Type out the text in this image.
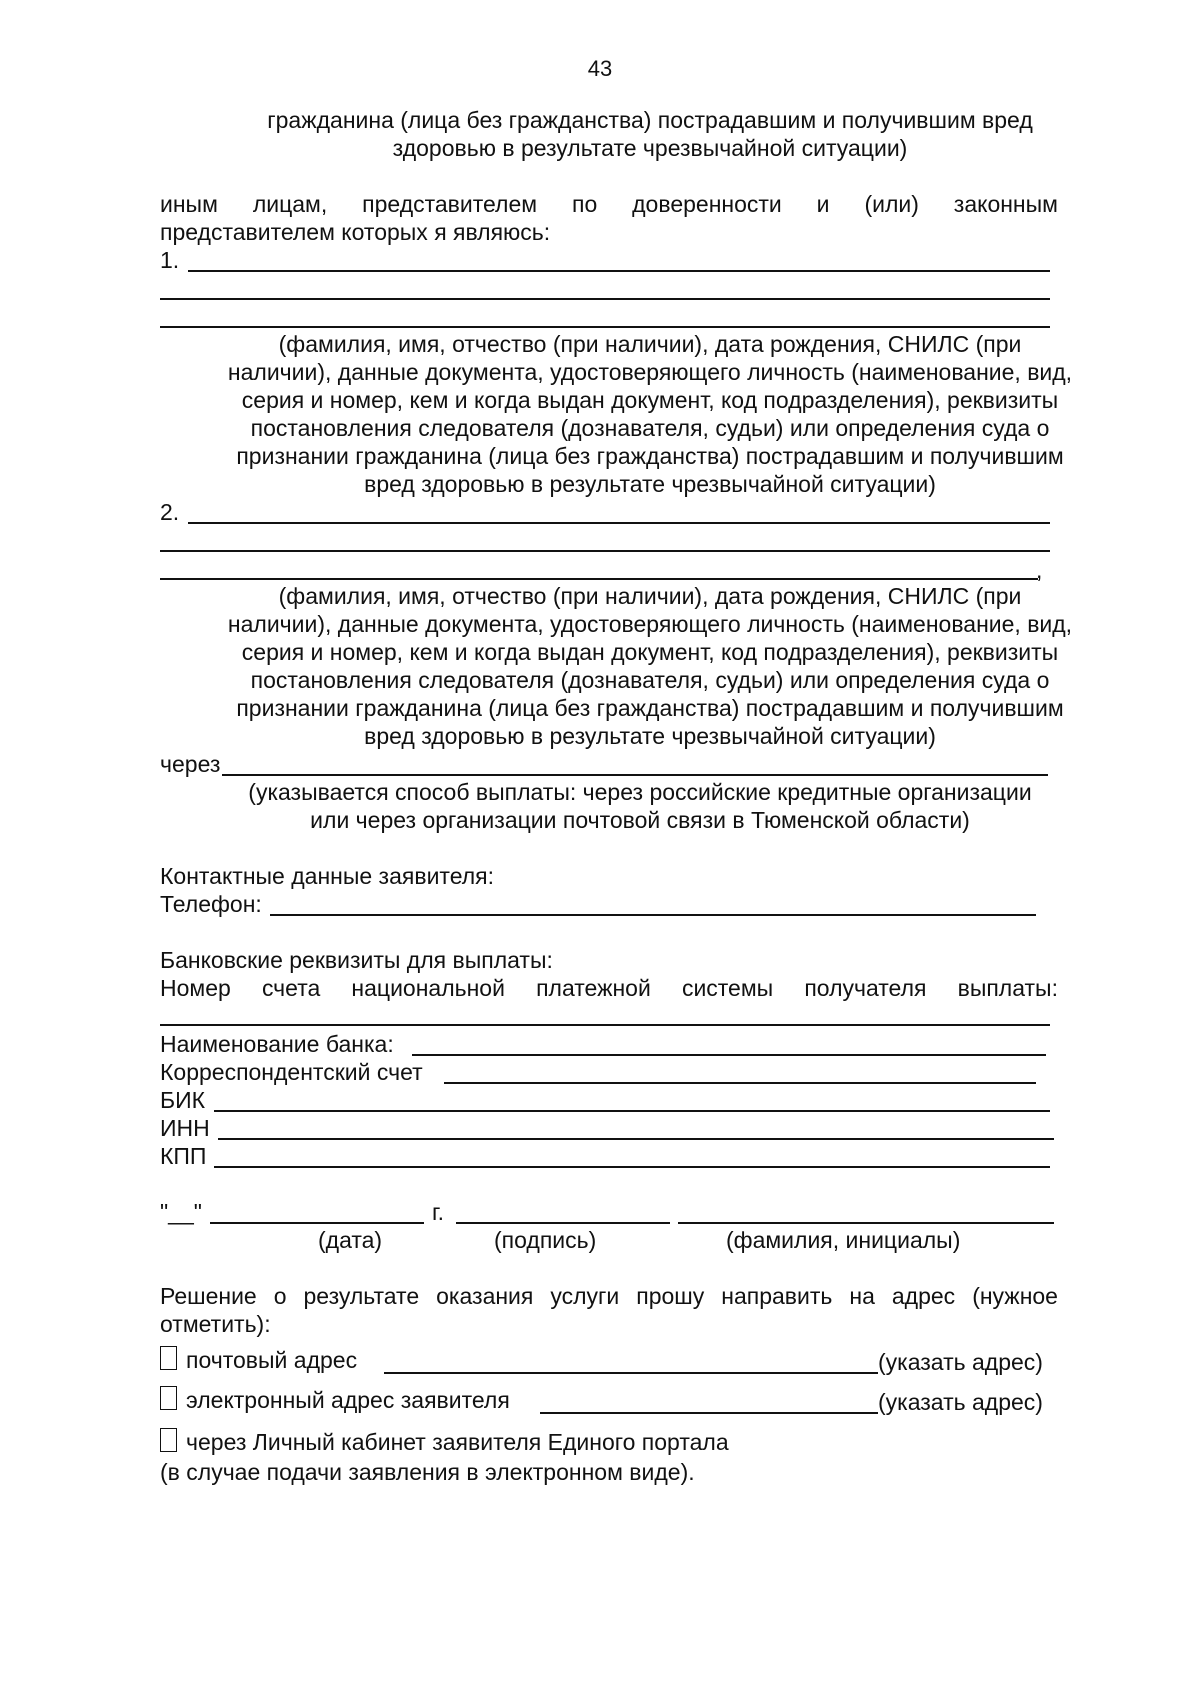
43
гражданина (лица без гражданства) пострадавшим и получившим вред
здоровью в результате чрезвычайной ситуации)
иным лицам, представителем по доверенности и (или) законным
представителем которых я являюсь:
1.
(фамилия, имя, отчество (при наличии), дата рождения, СНИЛС (при
наличии), данные документа, удостоверяющего личность (наименование, вид,
серия и номер, кем и когда выдан документ, код подразделения), реквизиты
постановления следователя (дознавателя, судьи) или определения суда о
признании гражданина (лица без гражданства) пострадавшим и получившим
вред здоровью в результате чрезвычайной ситуации)
2.
,
(фамилия, имя, отчество (при наличии), дата рождения, СНИЛС (при
наличии), данные документа, удостоверяющего личность (наименование, вид,
серия и номер, кем и когда выдан документ, код подразделения), реквизиты
постановления следователя (дознавателя, судьи) или определения суда о
признании гражданина (лица без гражданства) пострадавшим и получившим
вред здоровью в результате чрезвычайной ситуации)
через
(указывается способ выплаты: через российские кредитные организации
или через организации почтовой связи в Тюменской области)
Контактные данные заявителя:
Телефон:
Банковские реквизиты для выплаты:
Номер счета национальной платежной системы получателя выплаты:
Наименование банка:
Корреспондентский счет
БИК
ИНН
КПП
"__"	г.
(дата)	(подпись)	(фамилия, инициалы)
Решение о результате оказания услуги прошу направить на адрес (нужное
отметить):
почтовый адрес	(указать адрес)
электронный адрес заявителя	(указать адрес)
через Личный кабинет заявителя Единого портала
(в случае подачи заявления в электронном виде).
